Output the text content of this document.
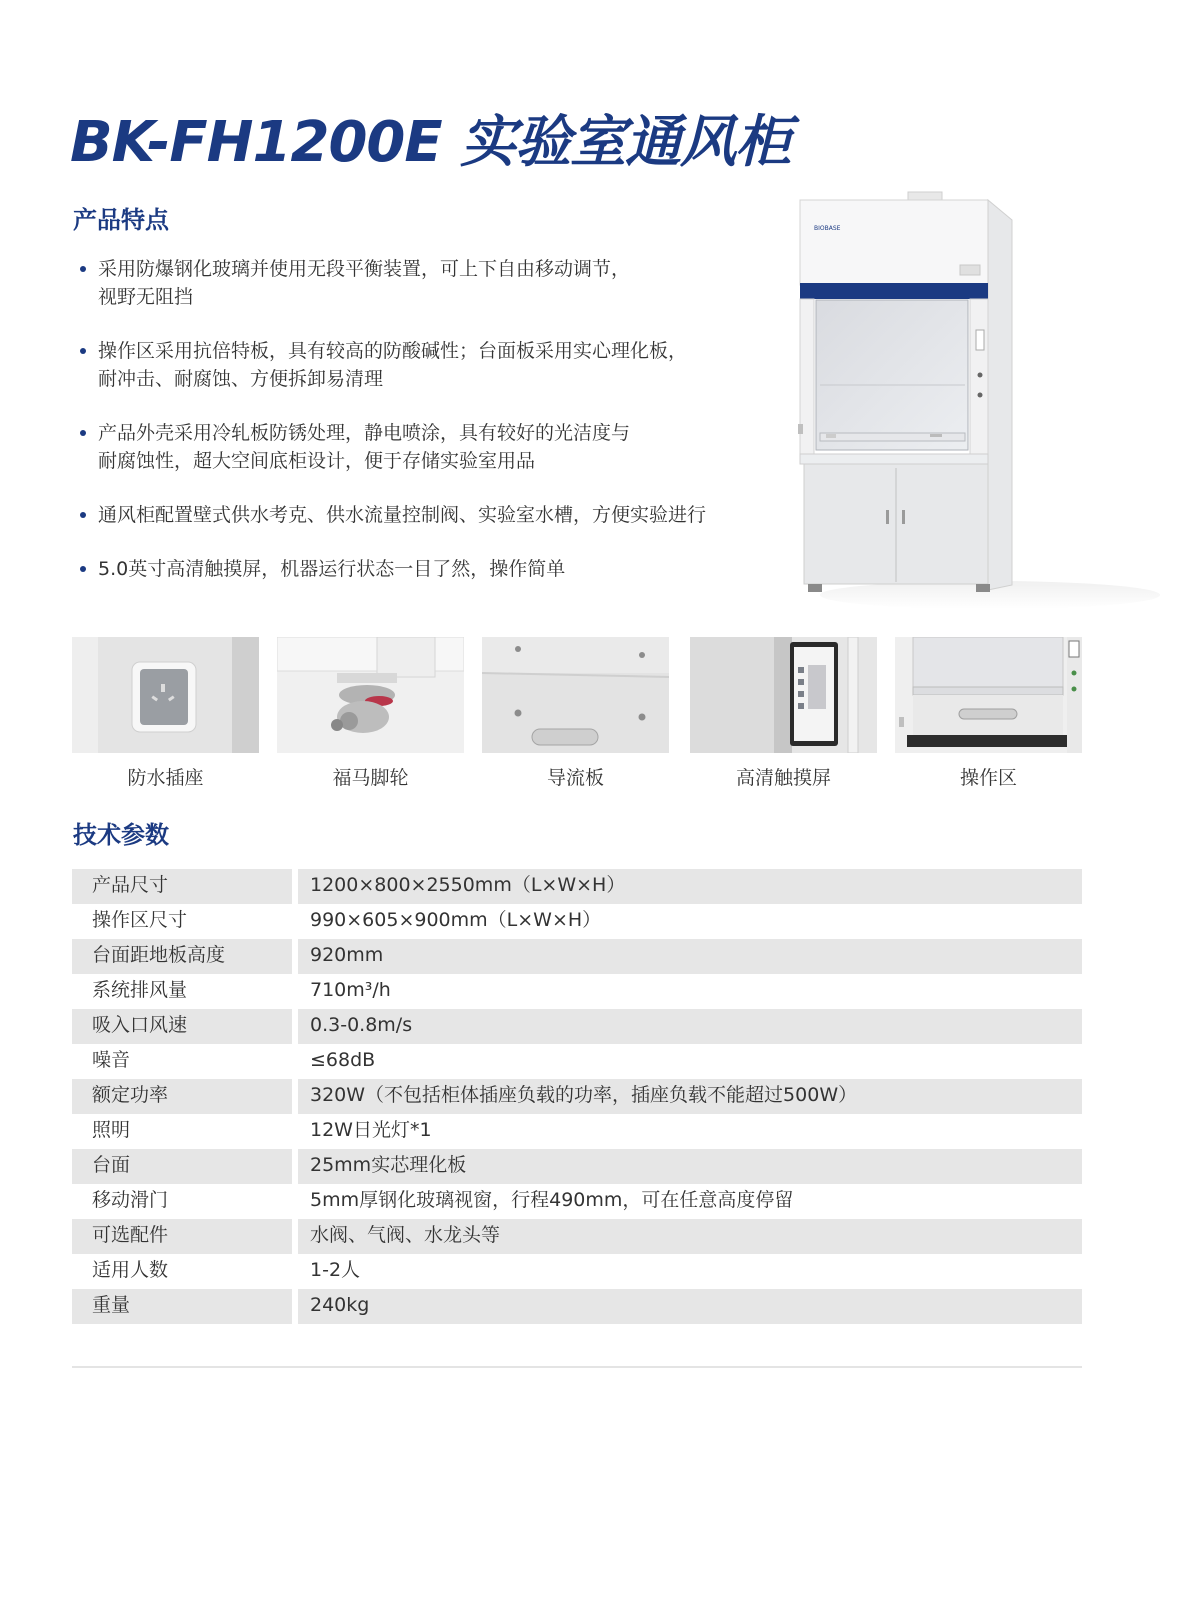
BK-FH1200E 实验室通风柜
产品特点
采用防爆钢化玻璃并使用无段平衡装置，可上下自由移动调节，
视野无阻挡
操作区采用抗倍特板，具有较高的防酸碱性；台面板采用实心理化板，
耐冲击、耐腐蚀、方便拆卸易清理
产品外壳采用冷轧板防锈处理，静电喷涂，具有较好的光洁度与
耐腐蚀性，超大空间底柜设计，便于存储实验室用品
通风柜配置壁式供水考克、供水流量控制阀、实验室水槽，方便实验进行
5.0英寸高清触摸屏，机器运行状态一目了然，操作简单
BIOBASE
防水插座	福马脚轮	导流板	高清触摸屏	操作区
技术参数
产品尺寸	1200×800×2550mm（L×W×H）
操作区尺寸	990×605×900mm（L×W×H）
台面距地板高度	920mm
系统排风量	710m³/h
吸入口风速	0.3-0.8m/s
噪音	≤68dB
额定功率	320W（不包括柜体插座负载的功率，插座负载不能超过500W）
照明	12W日光灯*1
台面	25mm实芯理化板
移动滑门	5mm厚钢化玻璃视窗，行程490mm，可在任意高度停留
可选配件	水阀、气阀、水龙头等
适用人数	1-2人
重量	240kg
